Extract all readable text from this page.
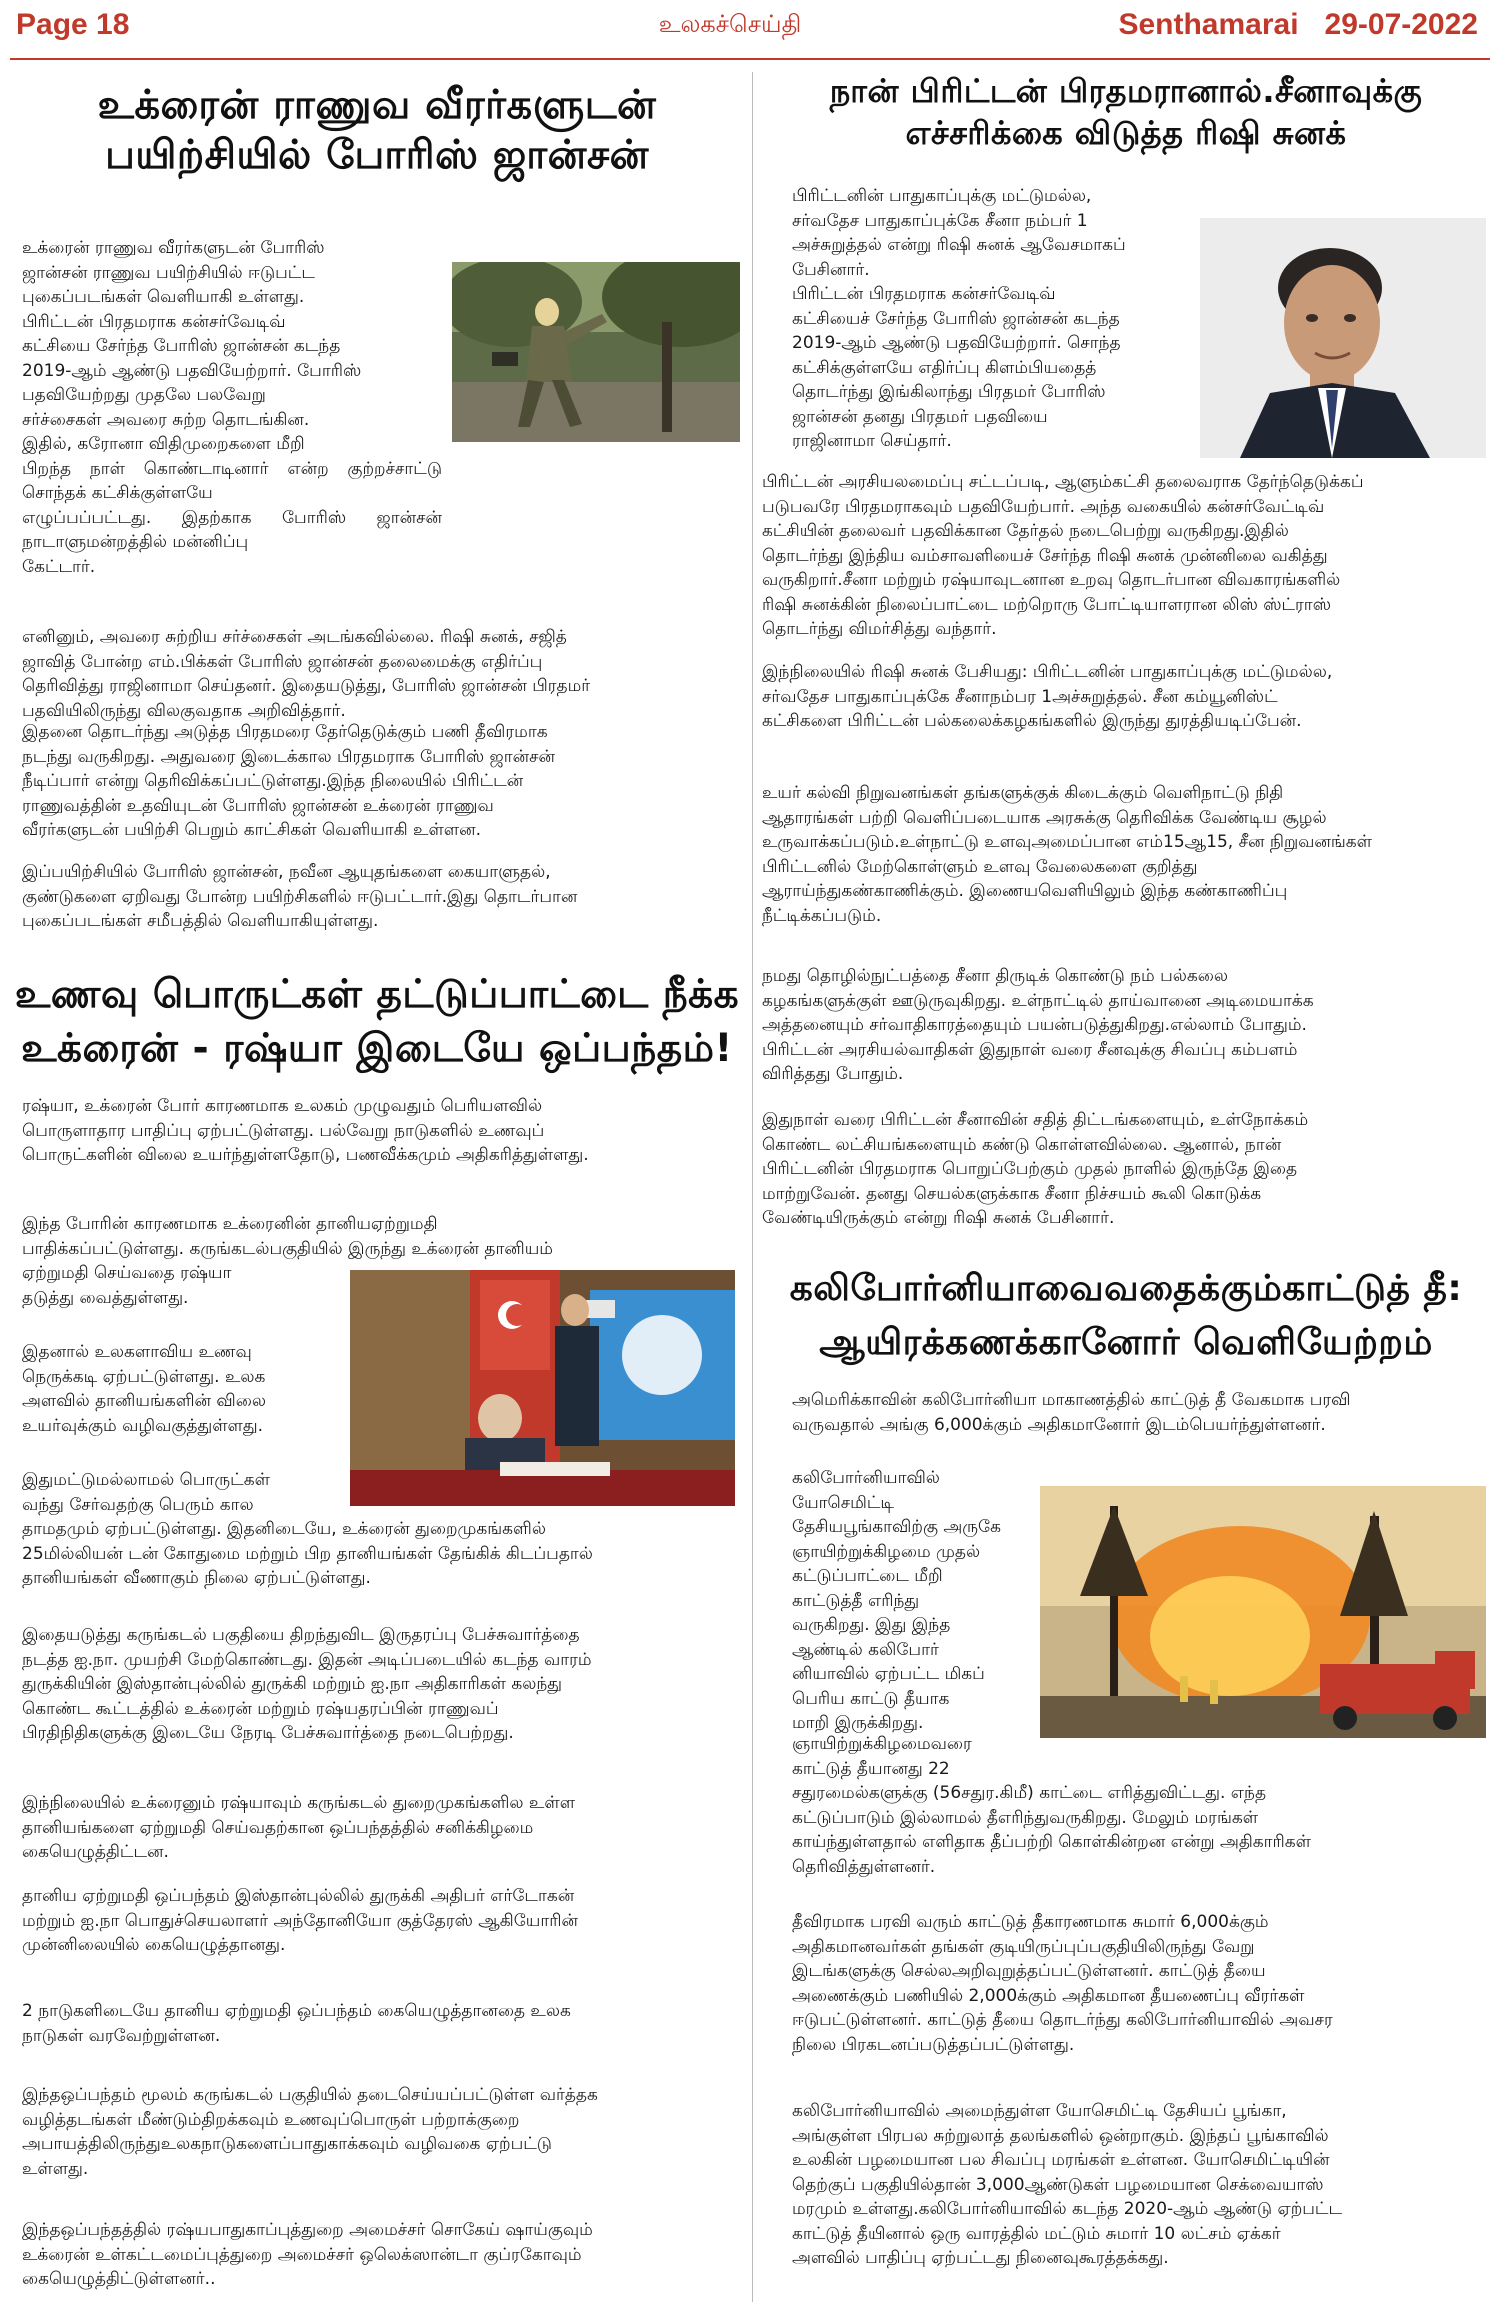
Page 18	உலகச்செய்தி	Senthamarai 29-07-2022
உக்ரைன் ராணுவ வீரர்களுடன்
பயிற்சியில் போரிஸ் ஜான்சன்
உக்ரைன் ராணுவ வீரர்களுடன் போரிஸ்
ஜான்சன் ராணுவ பயிற்சியில் ஈடுபட்ட
புகைப்படங்கள் வெளியாகி உள்ளது.
பிரிட்டன் பிரதமராக கன்சர்வேடிவ்
கட்சியை சேர்ந்த போரிஸ் ஜான்சன் கடந்த
2019-ஆம் ஆண்டு பதவியேற்றார். போரிஸ்
பதவியேற்றது முதலே பலவேறு
சர்ச்சைகள் அவரை சுற்ற தொடங்கின.
இதில், கரோனா விதிமுறைகளை மீறி
பிறந்த நாள் கொண்டாடினார் என்ற குற்றச்சாட்டு சொந்தக் கட்சிக்குள்ளயே
எழுப்பப்பட்டது. இதற்காக போரிஸ் ஜான்சன் நாடாளுமன்றத்தில் மன்னிப்பு
கேட்டார்.
எனினும், அவரை சுற்றிய சர்ச்சைகள் அடங்கவில்லை. ரிஷி சுனக், சஜித்
ஜாவித் போன்ற எம்.பிக்கள் போரிஸ் ஜான்சன் தலைமைக்கு எதிர்ப்பு
தெரிவித்து ராஜினாமா செய்தனர். இதையடுத்து, போரிஸ் ஜான்சன் பிரதமர்
பதவியிலிருந்து விலகுவதாக அறிவித்தார்.
இதனை தொடர்ந்து அடுத்த பிரதமரை தேர்தெடுக்கும் பணி தீவிரமாக
நடந்து வருகிறது. அதுவரை இடைக்கால பிரதமராக போரிஸ் ஜான்சன்
நீடிப்பார் என்று தெரிவிக்கப்பட்டுள்ளது.இந்த நிலையில் பிரிட்டன்
ராணுவத்தின் உதவியுடன் போரிஸ் ஜான்சன் உக்ரைன் ராணுவ
வீரர்களுடன் பயிற்சி பெறும் காட்சிகள் வெளியாகி உள்ளன.
இப்பயிற்சியில் போரிஸ் ஜான்சன், நவீன ஆயுதங்களை கையாளுதல்,
குண்டுகளை ஏறிவது போன்ற பயிற்சிகளில் ஈடுபட்டார்.இது தொடர்பான
புகைப்படங்கள் சமீபத்தில் வெளியாகியுள்ளது.
உணவு பொருட்கள் தட்டுப்பாட்டை நீக்க
உக்ரைன் - ரஷ்யா இடையே ஒப்பந்தம்!
ரஷ்யா, உக்ரைன் போர் காரணமாக உலகம் முழுவதும் பெரியளவில்
பொருளாதார பாதிப்பு ஏற்பட்டுள்ளது. பல்வேறு நாடுகளில் உணவுப்
பொருட்களின் விலை உயர்ந்துள்ளதோடு, பணவீக்கமும் அதிகரித்துள்ளது.
இந்த போரின் காரணமாக உக்ரைனின் தானியஏற்றுமதி
பாதிக்கப்பட்டுள்ளது. கருங்கடல்பகுதியில் இருந்து உக்ரைன் தானியம்
ஏற்றுமதி செய்வதை ரஷ்யா
தடுத்து வைத்துள்ளது.
இதனால் உலகளாவிய உணவு
நெருக்கடி ஏற்பட்டுள்ளது. உலக
அளவில் தானியங்களின் விலை
உயர்வுக்கும் வழிவகுத்துள்ளது.
இதுமட்டுமல்லாமல் பொருட்கள்
வந்து சேர்வதற்கு பெரும் கால
தாமதமும் ஏற்பட்டுள்ளது. இதனிடையே, உக்ரைன் துறைமுகங்களில்
25மில்லியன் டன் கோதுமை மற்றும் பிற தானியங்கள் தேங்கிக் கிடப்பதால்
தானியங்கள் வீணாகும் நிலை ஏற்பட்டுள்ளது.
இதையடுத்து கருங்கடல் பகுதியை திறந்துவிட இருதரப்பு பேச்சுவார்த்தை
நடத்த ஐ.நா. முயற்சி மேற்கொண்டது. இதன் அடிப்படையில் கடந்த வாரம்
துருக்கியின் இஸ்தான்புல்லில் துருக்கி மற்றும் ஐ.நா அதிகாரிகள் கலந்து
கொண்ட கூட்டத்தில் உக்ரைன் மற்றும் ரஷ்யதரப்பின் ராணுவப்
பிரதிநிதிகளுக்கு இடையே நேரடி பேச்சுவார்த்தை நடைபெற்றது.
இந்நிலையில் உக்ரைனும் ரஷ்யாவும் கருங்கடல் துறைமுகங்களில உள்ள
தானியங்களை ஏற்றுமதி செய்வதற்கான ஒப்பந்தத்தில் சனிக்கிழமை
கையெழுத்திட்டன.
தானிய ஏற்றுமதி ஒப்பந்தம் இஸ்தான்புல்லில் துருக்கி அதிபர் எர்டோகன்
மற்றும் ஐ.நா பொதுச்செயலாளர் அந்தோனியோ குத்தேரஸ் ஆகியோரின்
முன்னிலையில் கையெழுத்தானது.
2 நாடுகளிடையே தானிய ஏற்றுமதி ஒப்பந்தம் கையெழுத்தானதை உலக
நாடுகள் வரவேற்றுள்ளன.
இந்தஒப்பந்தம் மூலம் கருங்கடல் பகுதியில் தடைசெய்யப்பட்டுள்ள வர்த்தக
வழித்தடங்கள் மீண்டும்திறக்கவும் உணவுப்பொருள் பற்றாக்குறை
அபாயத்திலிருந்துஉலகநாடுகளைப்பாதுகாக்கவும் வழிவகை ஏற்பட்டு
உள்ளது.
இந்தஒப்பந்தத்தில் ரஷ்யபாதுகாப்புத்துறை அமைச்சர் சொகேய் ஷாய்குவும்
உக்ரைன் உள்கட்டமைப்புத்துறை அமைச்சர் ஒலெக்ஸான்டா குப்ரகோவும்
கையெழுத்திட்டுள்ளனர்..
நான் பிரிட்டன் பிரதமரானால்.சீனாவுக்கு
எச்சரிக்கை விடுத்த ரிஷி சுனக்
பிரிட்டனின் பாதுகாப்புக்கு மட்டுமல்ல,
சர்வதேச பாதுகாப்புக்கே சீனா நம்பர் 1
அச்சுறுத்தல் என்று ரிஷி சுனக் ஆவேசமாகப்
பேசினார்.
பிரிட்டன் பிரதமராக கன்சர்வேடிவ்
கட்சியைச் சேர்ந்த போரிஸ் ஜான்சன் கடந்த
2019-ஆம் ஆண்டு பதவியேற்றார். சொந்த
கட்சிக்குள்ளயே எதிர்ப்பு கிளம்பியதைத்
தொடர்ந்து இங்கிலாந்து பிரதமர் போரிஸ்
ஜான்சன் தனது பிரதமர் பதவியை
ராஜினாமா செய்தார்.
பிரிட்டன் அரசியலமைப்பு சட்டப்படி, ஆளும்கட்சி தலைவராக தேர்ந்தெடுக்கப்
படுபவரே பிரதமராகவும் பதவியேற்பார். அந்த வகையில் கன்சர்வேட்டிவ்
கட்சியின் தலைவர் பதவிக்கான தேர்தல் நடைபெற்று வருகிறது.இதில்
தொடர்ந்து இந்திய வம்சாவளியைச் சேர்ந்த ரிஷி சுனக் முன்னிலை வகித்து
வருகிறார்.சீனா மற்றும் ரஷ்யாவுடனான உறவு தொடர்பான விவகாரங்களில்
ரிஷி சுனக்கின் நிலைப்பாட்டை மற்றொரு போட்டியாளரான லிஸ் ஸ்ட்ராஸ்
தொடர்ந்து விமர்சித்து வந்தார்.
இந்நிலையில் ரிஷி சுனக் பேசியது: பிரிட்டனின் பாதுகாப்புக்கு மட்டுமல்ல,
சர்வதேச பாதுகாப்புக்கே சீனாநம்பர 1அச்சுறுத்தல். சீன கம்யூனிஸ்ட்
கட்சிகளை பிரிட்டன் பல்கலைக்கழகங்களில் இருந்து துரத்தியடிப்பேன்.
உயர் கல்வி நிறுவனங்கள் தங்களுக்குக் கிடைக்கும் வெளிநாட்டு நிதி
ஆதாரங்கள் பற்றி வெளிப்படையாக அரசுக்கு தெரிவிக்க வேண்டிய சூழல்
உருவாக்கப்படும்.உள்நாட்டு உளவுஅமைப்பான எம்15ஆ15, சீன நிறுவனங்கள்
பிரிட்டனில் மேற்கொள்ளும் உளவு வேலைகளை குறித்து
ஆராய்ந்துகண்காணிக்கும். இணையவெளியிலும் இந்த கண்காணிப்பு
நீட்டிக்கப்படும்.
நமது தொழில்நுட்பத்தை சீனா திருடிக் கொண்டு நம் பல்கலை
கழகங்களுக்குள் ஊடுருவுகிறது. உள்நாட்டில் தாய்வானை அடிமையாக்க
அத்தனையும் சர்வாதிகாரத்தையும் பயன்படுத்துகிறது.எல்லாம் போதும்.
பிரிட்டன் அரசியல்வாதிகள் இதுநாள் வரை சீனவுக்கு சிவப்பு கம்பளம்
விரித்தது போதும்.
இதுநாள் வரை பிரிட்டன் சீனாவின் சதித் திட்டங்களையும், உள்நோக்கம்
கொண்ட லட்சியங்களையும் கண்டு கொள்ளவில்லை. ஆனால், நான்
பிரிட்டனின் பிரதமராக பொறுப்பேற்கும் முதல் நாளில் இருந்தே இதை
மாற்றுவேன். தனது செயல்களுக்காக சீனா நிச்சயம் கூலி கொடுக்க
வேண்டியிருக்கும் என்று ரிஷி சுனக் பேசினார்.
கலிபோர்னியாவைவதைக்கும்காட்டுத் தீ:
ஆயிரக்கணக்கானோர் வெளியேற்றம்
அமெரிக்காவின் கலிபோர்னியா மாகாணத்தில் காட்டுத் தீ வேகமாக பரவி
வருவதால் அங்கு 6,000க்கும் அதிகமானோர் இடம்பெயர்ந்துள்ளனர்.
கலிபோர்னியாவில் யோசெமிட்டி தேசியபூங்காவிற்கு அருகே
ஞாயிற்றுக்கிழமை முதல்
கட்டுப்பாட்டை மீறி
காட்டுத்தீ எரிந்து
வருகிறது. இது இந்த
ஆண்டில் கலிபோர்
னியாவில் ஏற்பட்ட மிகப்
பெரிய காட்டு தீயாக
மாறி இருக்கிறது.
ஞாயிற்றுக்கிழமைவரை
காட்டுத் தீயானது 22
சதுரமைல்களுக்கு (56சதுர.கிமீ) காட்டை எரித்துவிட்டது. எந்த
கட்டுப்பாடும் இல்லாமல் தீஎரிந்துவருகிறது. மேலும் மரங்கள்
காய்ந்துள்ளதால் எளிதாக தீப்பற்றி கொள்கின்றன என்று அதிகாரிகள்
தெரிவித்துள்ளனர்.
தீவிரமாக பரவி வரும் காட்டுத் தீகாரணமாக சுமார் 6,000க்கும்
அதிகமானவர்கள் தங்கள் குடியிருப்புப்பகுதியிலிருந்து வேறு
இடங்களுக்கு செல்லஅறிவுறுத்தப்பட்டுள்ளனர். காட்டுத் தீயை
அணைக்கும் பணியில் 2,000க்கும் அதிகமான தீயணைப்பு வீரர்கள்
ஈடுபட்டுள்ளனர். காட்டுத் தீயை தொடர்ந்து கலிபோர்னியாவில் அவசர
நிலை பிரகடனப்படுத்தப்பட்டுள்ளது.
கலிபோர்னியாவில் அமைந்துள்ள யோசெமிட்டி தேசியப் பூங்கா,
அங்குள்ள பிரபல சுற்றுலாத் தலங்களில் ஒன்றாகும். இந்தப் பூங்காவில்
உலகின் பழமையான பல சிவப்பு மரங்கள் உள்ளன. யோசெமிட்டியின்
தெற்குப் பகுதியில்தான் 3,000ஆண்டுகள் பழமையான செக்வையாஸ்
மரமும் உள்ளது.கலிபோர்னியாவில் கடந்த 2020-ஆம் ஆண்டு ஏற்பட்ட
காட்டுத் தீயினால் ஒரு வாரத்தில் மட்டும் சுமார் 10 லட்சம் ஏக்கர்
அளவில் பாதிப்பு ஏற்பட்டது நினைவுகூரத்தக்கது.
